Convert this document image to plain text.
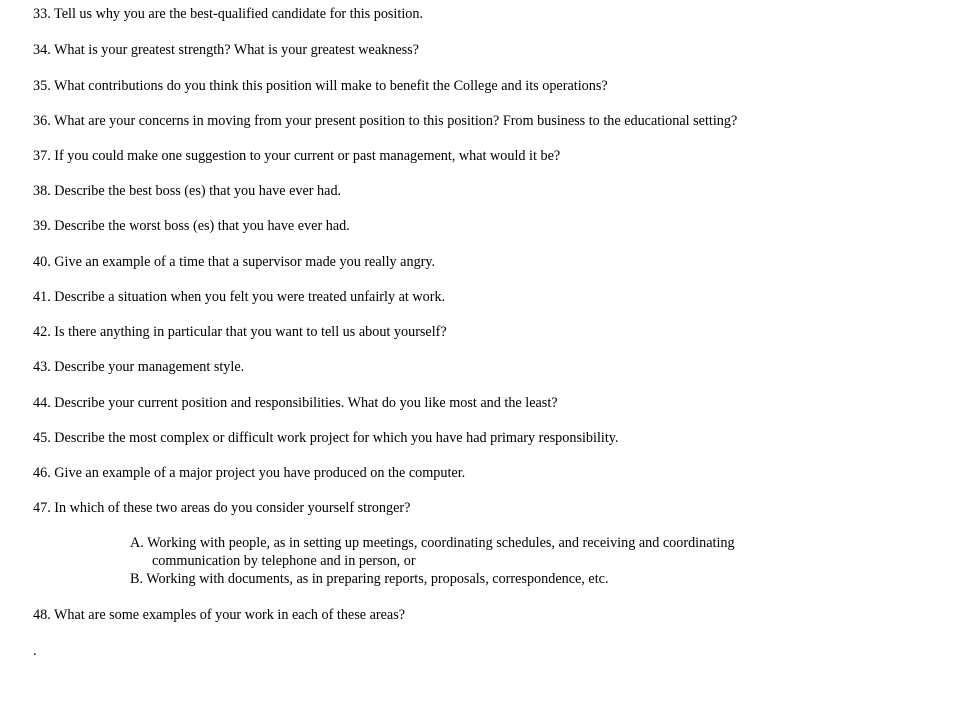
33. Tell us why you are the best-qualified candidate for this position.

34. What is your greatest strength? What is your greatest weakness?

35. What contributions do you think this position will make to benefit the College and its operations?

36. What are your concerns in moving from your present position to this position? From business to the educational setting?

37. If you could make one suggestion to your current or past management, what would it be?

38. Describe the best boss (es) that you have ever had.

39. Describe the worst boss (es) that you have ever had.

40. Give an example of a time that a supervisor made you really angry.

41. Describe a situation when you felt you were treated unfairly at work.

42. Is there anything in particular that you want to tell us about yourself?

43. Describe your management style.

44. Describe your current position and responsibilities. What do you like most and the least?

45. Describe the most complex or difficult work project for which you have had primary responsibility.

46. Give an example of a major project you have produced on the computer.

47. In which of these two areas do you consider yourself stronger?

A. Working with people, as in setting up meetings, coordinating schedules, and receiving and coordinating

communication by telephone and in person, or

B. Working with documents, as in preparing reports, proposals, correspondence, etc.

48. What are some examples of your work in each of these areas?

.
